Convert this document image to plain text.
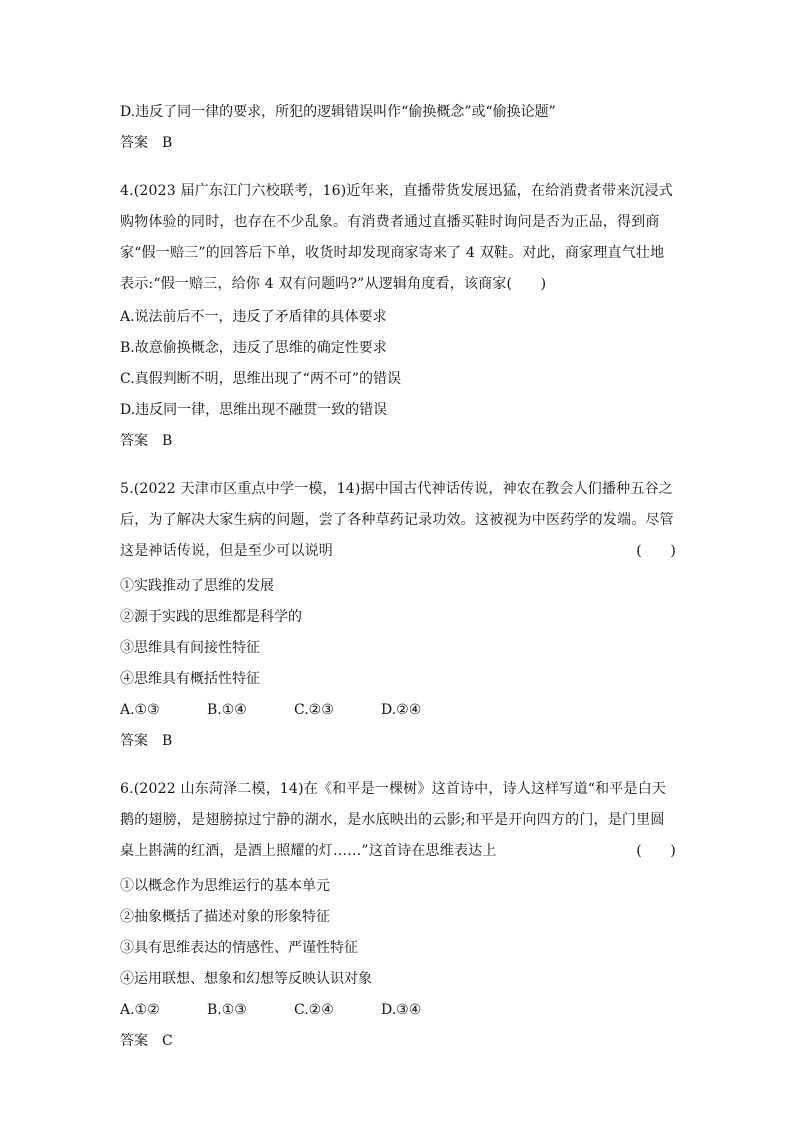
D.违反了同一律的要求，所犯的逻辑错误叫作“偷换概念”或“偷换论题”

答案　B

4.(2023 届广东江门六校联考，16)近年来，直播带货发展迅猛，在给消费者带来沉浸式购物体验的同时，也存在不少乱象。有消费者通过直播买鞋时询问是否为正品，得到商家“假一赔三”的回答后下单，收货时却发现商家寄来了 4 双鞋。对此，商家理直气壮地表示:“假一赔三，给你 4 双有问题吗?”从逻辑角度看，该商家(　　)

A.说法前后不一，违反了矛盾律的具体要求

B.故意偷换概念，违反了思维的确定性要求

C.真假判断不明，思维出现了“两不可”的错误

D.违反同一律，思维出现不融贯一致的错误

答案　B

5.(2022 天津市区重点中学一模，14)据中国古代神话传说，神农在教会人们播种五谷之后，为了解决大家生病的问题，尝了各种草药记录功效。这被视为中医药学的发端。尽管这是神话传说，但是至少可以说明	(　　)

①实践推动了思维的发展

②源于实践的思维都是科学的

③思维具有间接性特征

④思维具有概括性特征

A.①③	B.①④	C.②③	D.②④

答案　B

6.(2022 山东菏泽二模，14)在《和平是一棵树》这首诗中，诗人这样写道“和平是白天鹅的翅膀，是翅膀掠过宁静的湖水，是水底映出的云影;和平是开向四方的门，是门里圆桌上斟满的红酒，是酒上照耀的灯……”这首诗在思维表达上	(　　)

①以概念作为思维运行的基本单元

②抽象概括了描述对象的形象特征

③具有思维表达的情感性、严谨性特征

④运用联想、想象和幻想等反映认识对象

A.①②	B.①③	C.②④	D.③④

答案　C
